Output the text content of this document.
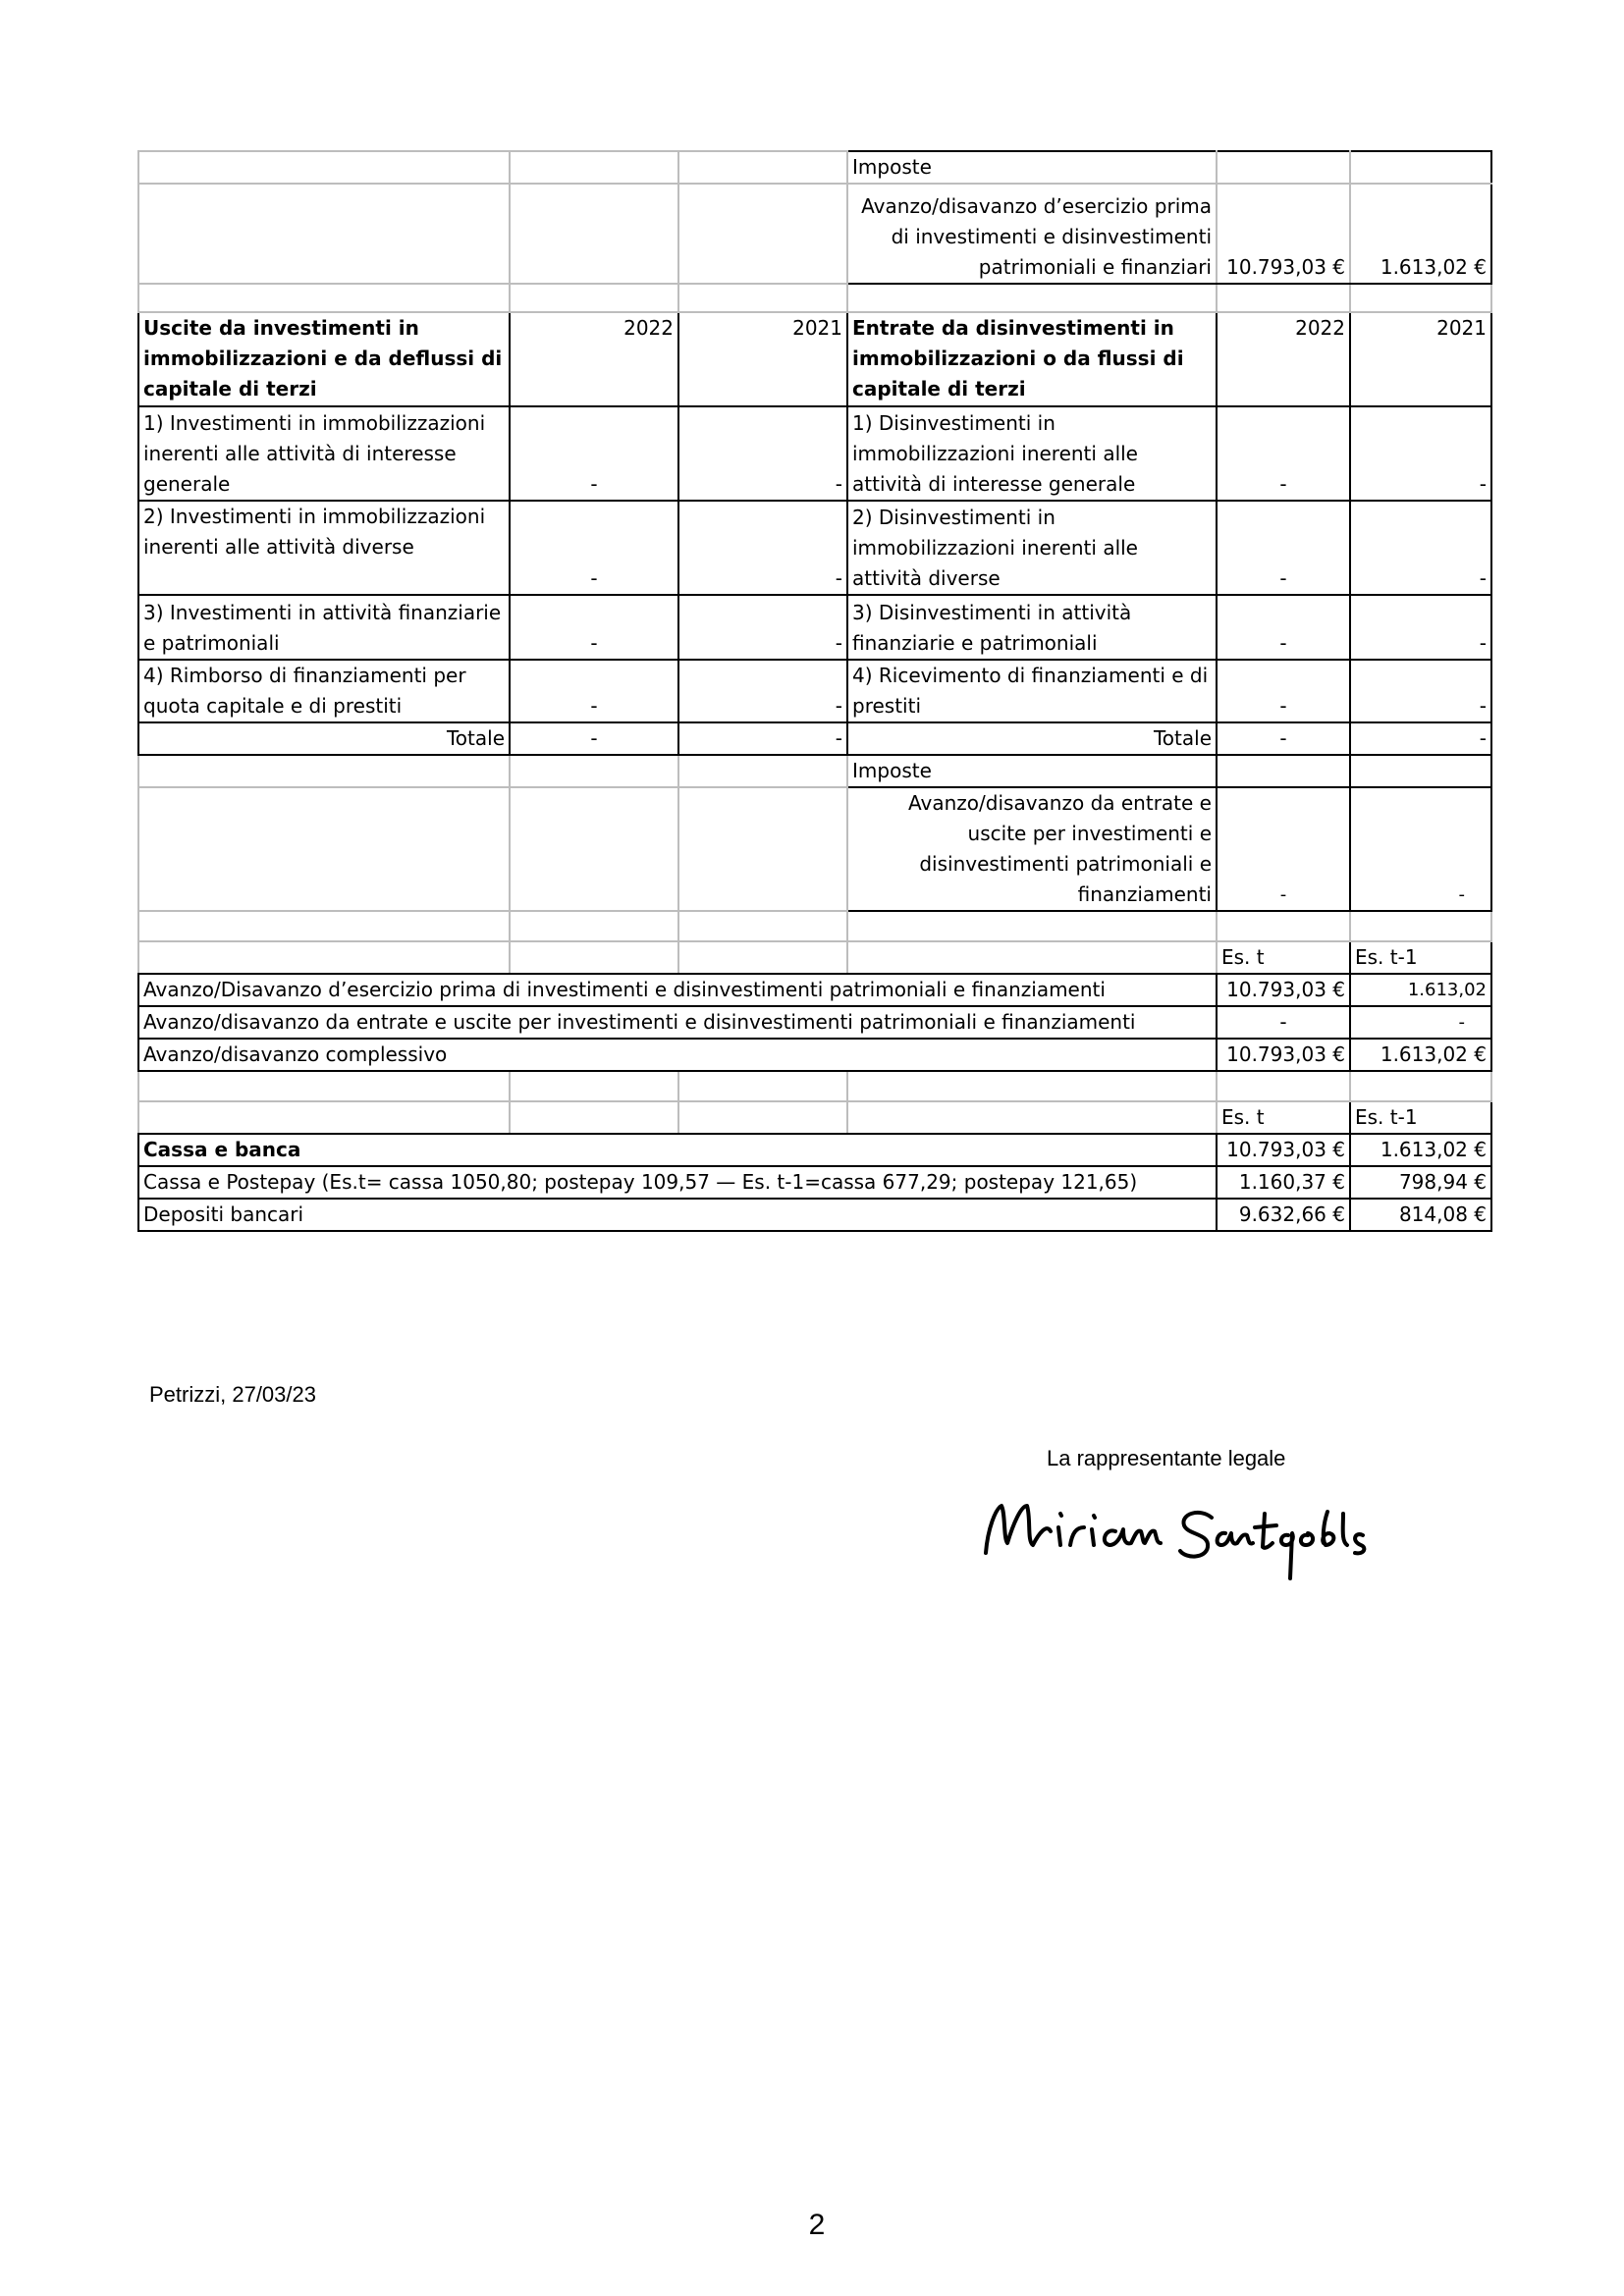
			Imposte		
			Avanzo/disavanzo d’esercizio prima di investimenti e disinvestimenti patrimoniali e finanziari	10.793,03 €	1.613,02 €

Uscite da investimenti in immobilizzazioni e da deflussi di capitale di terzi	2022	2021	Entrate da disinvestimenti in immobilizzazioni o da flussi di capitale di terzi	2022	2021
1) Investimenti in immobilizzazioni inerenti alle attività di interesse generale	-	-	1) Disinvestimenti in immobilizzazioni inerenti alle attività di interesse generale	-	-
2) Investimenti in immobilizzazioni inerenti alle attività diverse	-	-	2) Disinvestimenti in immobilizzazioni inerenti alle attività diverse	-	-
3) Investimenti in attività finanziarie e patrimoniali	-	-	3) Disinvestimenti in attività finanziarie e patrimoniali	-	-
4) Rimborso di finanziamenti per quota capitale e di prestiti	-	-	4) Ricevimento di finanziamenti e di prestiti	-	-
Totale	-	-	Totale	-	-
			Imposte		
			Avanzo/disavanzo da entrate e uscite per investimenti e disinvestimenti patrimoniali e finanziamenti	-	-

				Es. t	Es. t-1
Avanzo/Disavanzo d’esercizio prima di investimenti e disinvestimenti patrimoniali e finanziamenti				10.793,03 €	1.613,02
Avanzo/disavanzo da entrate e uscite per investimenti e disinvestimenti patrimoniali e finanziamenti				-	-
Avanzo/disavanzo complessivo				10.793,03 €	1.613,02 €

				Es. t	Es. t-1
Cassa e banca				10.793,03 €	1.613,02 €
Cassa e Postepay (Es.t= cassa 1050,80; postepay 109,57 — Es. t-1=cassa 677,29; postepay 121,65)				1.160,37 €	798,94 €
Depositi bancari				9.632,66 €	814,08 €
Petrizzi, 27/03/23
La rappresentante legale
2
